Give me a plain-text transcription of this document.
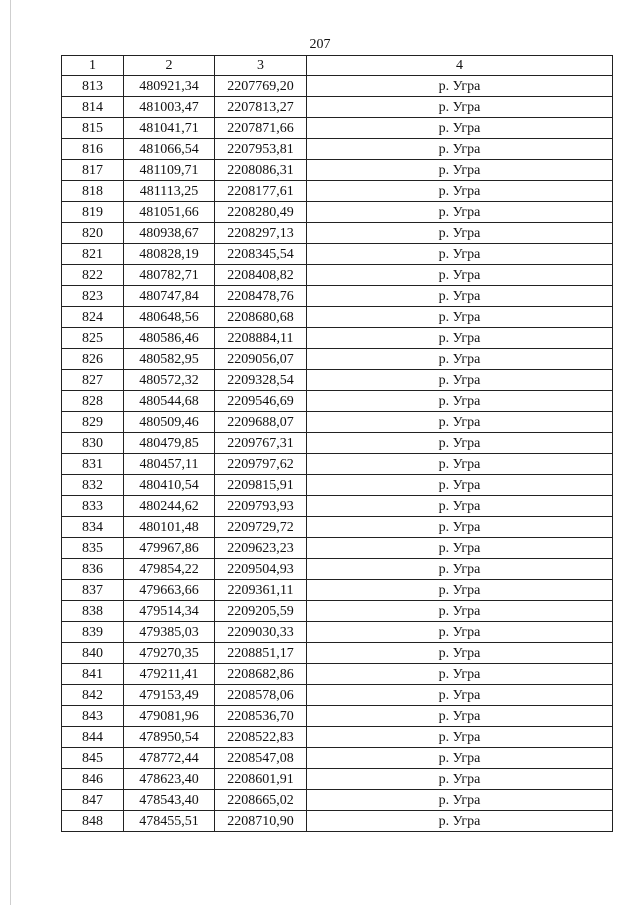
207
1	2	3	4
813	480921,34	2207769,20	р. Угра
814	481003,47	2207813,27	р. Угра
815	481041,71	2207871,66	р. Угра
816	481066,54	2207953,81	р. Угра
817	481109,71	2208086,31	р. Угра
818	481113,25	2208177,61	р. Угра
819	481051,66	2208280,49	р. Угра
820	480938,67	2208297,13	р. Угра
821	480828,19	2208345,54	р. Угра
822	480782,71	2208408,82	р. Угра
823	480747,84	2208478,76	р. Угра
824	480648,56	2208680,68	р. Угра
825	480586,46	2208884,11	р. Угра
826	480582,95	2209056,07	р. Угра
827	480572,32	2209328,54	р. Угра
828	480544,68	2209546,69	р. Угра
829	480509,46	2209688,07	р. Угра
830	480479,85	2209767,31	р. Угра
831	480457,11	2209797,62	р. Угра
832	480410,54	2209815,91	р. Угра
833	480244,62	2209793,93	р. Угра
834	480101,48	2209729,72	р. Угра
835	479967,86	2209623,23	р. Угра
836	479854,22	2209504,93	р. Угра
837	479663,66	2209361,11	р. Угра
838	479514,34	2209205,59	р. Угра
839	479385,03	2209030,33	р. Угра
840	479270,35	2208851,17	р. Угра
841	479211,41	2208682,86	р. Угра
842	479153,49	2208578,06	р. Угра
843	479081,96	2208536,70	р. Угра
844	478950,54	2208522,83	р. Угра
845	478772,44	2208547,08	р. Угра
846	478623,40	2208601,91	р. Угра
847	478543,40	2208665,02	р. Угра
848	478455,51	2208710,90	р. Угра
